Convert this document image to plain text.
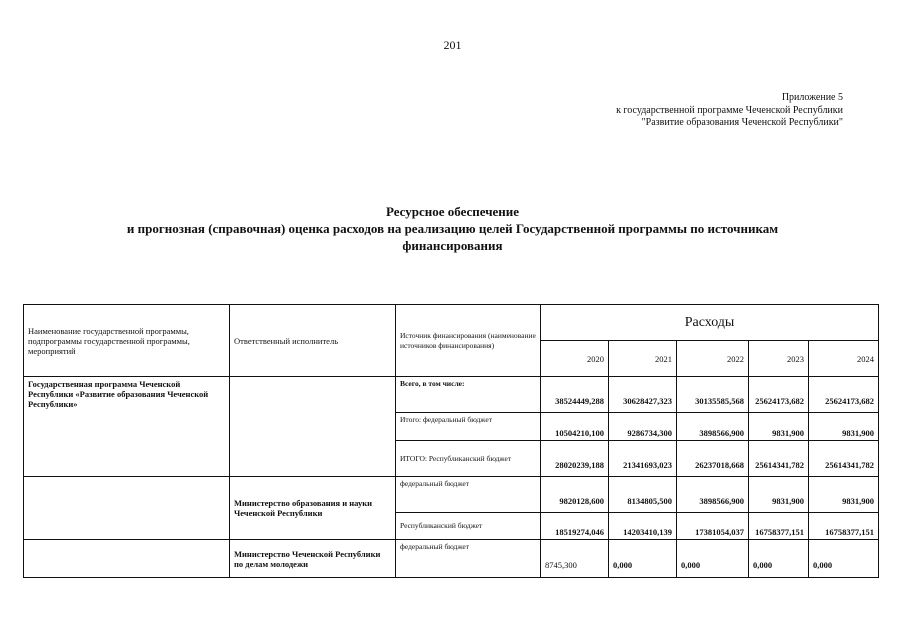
201
Приложение 5
к государственной программе Чеченской Республики
"Развитие образования Чеченской Республики"
Ресурсное обеспечение
и прогнозная (справочная) оценка расходов на реализацию целей Государственной программы по источникам
финансирования
Наименование государственной программы, подпрограммы государственной программы, мероприятий	Ответственный исполнитель	Источник финансирования (наименование источников финансирования)	Расходы				
			2020	2021	2022	2023	2024
Государственная программа Чеченской Республики «Развитие образования Чеченской Республики»		Всего, в том числе:	38524449,288	30628427,323	30135585,568	25624173,682	25624173,682
		Итого: федеральный бюджет	10504210,100	9286734,300	3898566,900	9831,900	9831,900
		ИТОГО: Республиканский бюджет	28020239,188	21341693,023	26237018,668	25614341,782	25614341,782
	Министерство образования и науки Чеченской Республики	федеральный бюджет	9820128,600	8134805,500	3898566,900	9831,900	9831,900
		Республиканский бюджет	18519274,046	14203410,139	17381054,037	16758377,151	16758377,151
	Министерство Чеченской Республики по делам молодежи	федеральный бюджет	8745,300	0,000	0,000	0,000	0,000
